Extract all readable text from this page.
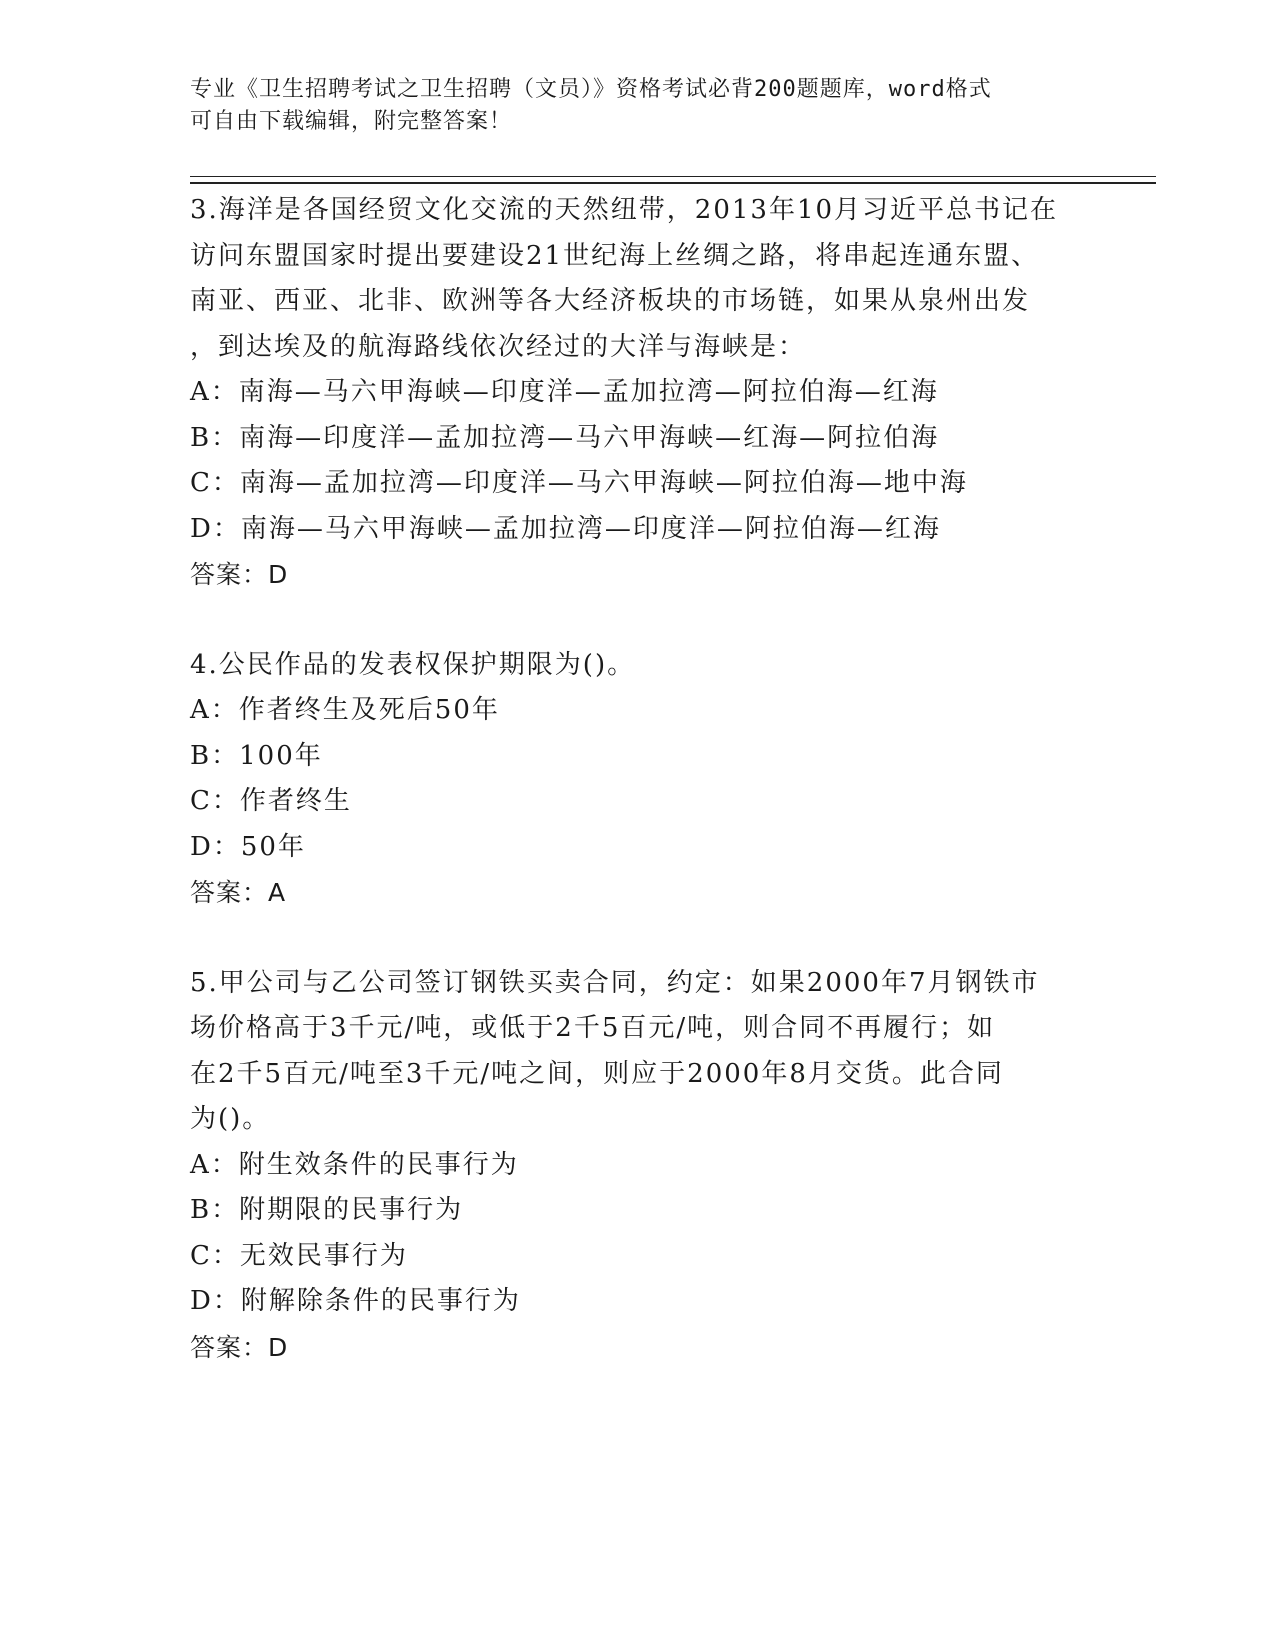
专业《卫生招聘考试之卫生招聘（文员）》资格考试必背200题题库，word格式

可自由下载编辑，附完整答案！

3.海洋是各国经贸文化交流的天然纽带，2013年10月习近平总书记在
访问东盟国家时提出要建设21世纪海上丝绸之路，将串起连通东盟、
南亚、西亚、北非、欧洲等各大经济板块的市场链，如果从泉州出发
，到达埃及的航海路线依次经过的大洋与海峡是：

A：南海—马六甲海峡—印度洋—孟加拉湾—阿拉伯海—红海

B：南海—印度洋—孟加拉湾—马六甲海峡—红海—阿拉伯海

C：南海—孟加拉湾—印度洋—马六甲海峡—阿拉伯海—地中海

D：南海—马六甲海峡—孟加拉湾—印度洋—阿拉伯海—红海

答案：D

4.公民作品的发表权保护期限为()。

A：作者终生及死后50年

B：100年

C：作者终生

D：50年

答案：A

5.甲公司与乙公司签订钢铁买卖合同，约定：如果2000年7月钢铁市
场价格高于3千元/吨，或低于2千5百元/吨，则合同不再履行；如
在2千5百元/吨至3千元/吨之间，则应于2000年8月交货。此合同
为()。

A：附生效条件的民事行为

B：附期限的民事行为

C：无效民事行为

D：附解除条件的民事行为

答案：D
